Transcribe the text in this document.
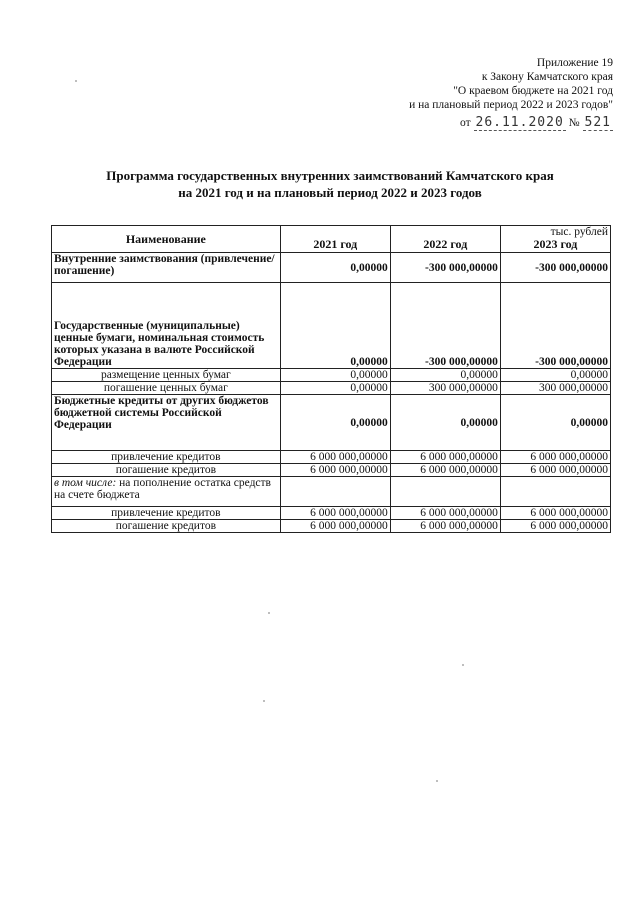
Приложение 19
к Закону Камчатского края
"О краевом бюджете на 2021 год
и на плановый период 2022 и 2023 годов"
от 26.11.2020 № 521
Программа государственных внутренних заимствований Камчатского края
на 2021 год и на плановый период 2022 и 2023 годов
тыс. рублей
Наименование	2021 год	2022 год	2023 год
Внутренние заимствования (привлечение/погашение)	0,00000	-300 000,00000	-300 000,00000
Государственные (муниципальные) ценные бумаги, номинальная стоимость которых указана в валюте Российской Федерации	0,00000	-300 000,00000	-300 000,00000
размещение ценных бумаг	0,00000	0,00000	0,00000
погашение ценных бумаг	0,00000	300 000,00000	300 000,00000
Бюджетные кредиты от других бюджетов бюджетной системы Российской Федерации	0,00000	0,00000	0,00000
привлечение кредитов	6 000 000,00000	6 000 000,00000	6 000 000,00000
погашение кредитов	6 000 000,00000	6 000 000,00000	6 000 000,00000
в том числе: на пополнение остатка средств на счете бюджета			
привлечение кредитов	6 000 000,00000	6 000 000,00000	6 000 000,00000
погашение кредитов	6 000 000,00000	6 000 000,00000	6 000 000,00000
